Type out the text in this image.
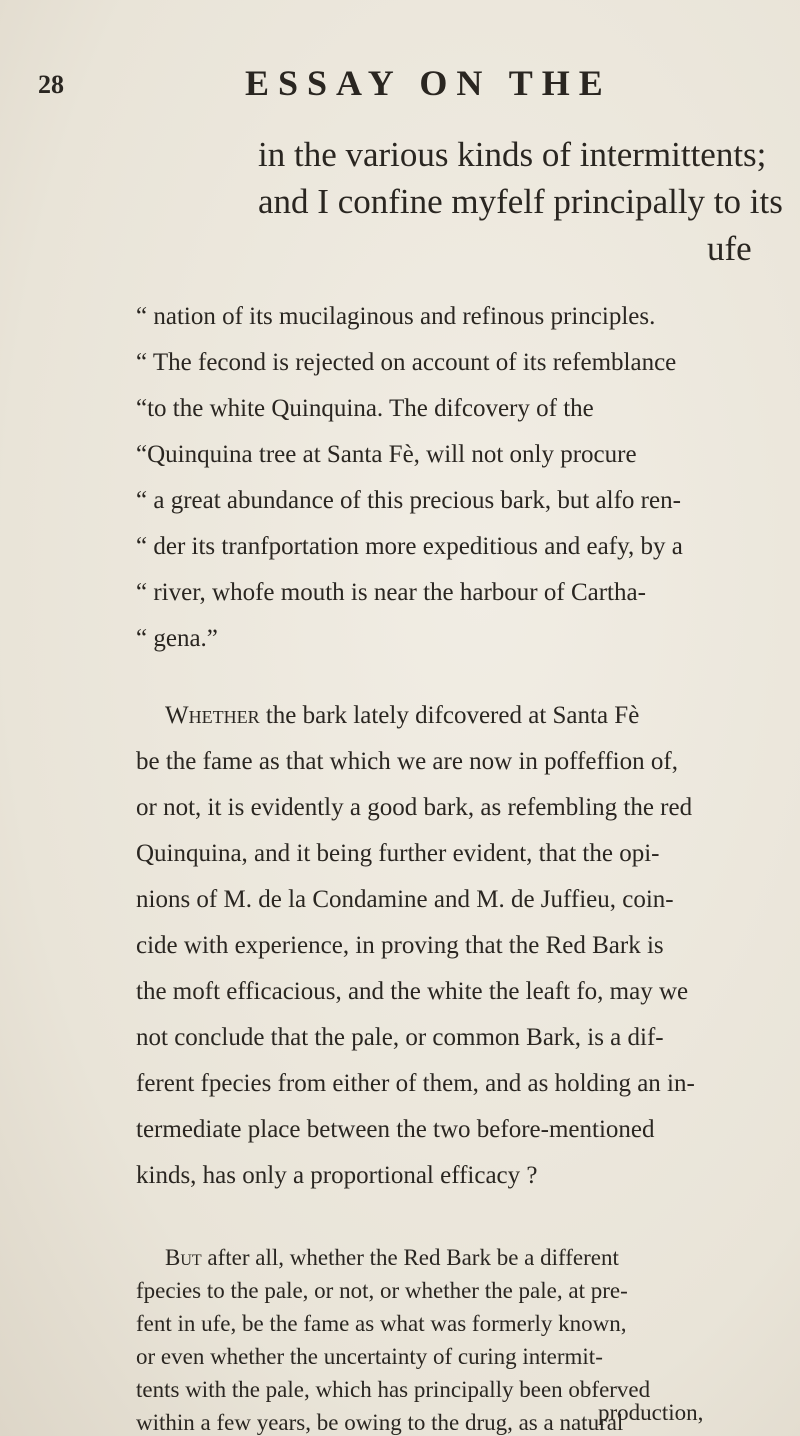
28	ESSAY ON THE
in the various kinds of intermittents;
and I confine myfelf principally to its
ufe
“ nation of its mucilaginous and refinous principles.
“ The fecond is rejected on account of its refemblance
“to the white Quinquina. The difcovery of the
“Quinquina tree at Santa Fè, will not only procure
“ a great abundance of this precious bark, but alfo ren-
“ der its tranfportation more expeditious and eafy, by a
“ river, whofe mouth is near the harbour of Cartha-
“ gena.”
Whether the bark lately difcovered at Santa Fè
be the fame as that which we are now in poffeffion of,
or not, it is evidently a good bark, as refembling the red
Quinquina, and it being further evident, that the opi-
nions of M. de la Condamine and M. de Juffieu, coin-
cide with experience, in proving that the Red Bark is
the moft efficacious, and the white the leaft fo, may we
not conclude that the pale, or common Bark, is a dif-
ferent fpecies from either of them, and as holding an in-
termediate place between the two before-mentioned
kinds, has only a proportional efficacy ?
But after all, whether the Red Bark be a different
fpecies to the pale, or not, or whether the pale, at pre-
fent in ufe, be the fame as what was formerly known,
or even whether the uncertainty of curing intermit-
tents with the pale, which has principally been obferved
within a few years, be owing to the drug, as a natural
production,
